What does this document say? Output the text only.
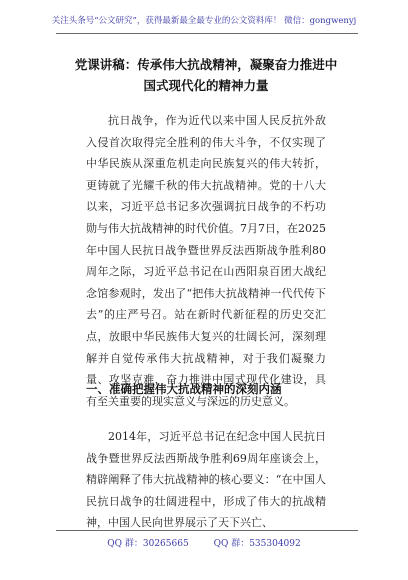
关注头条号“公文研究”，获得最新最全最专业的公文资料库！ 微信：gongwenyj
党课讲稿：传承伟大抗战精神，凝聚奋力推进中国式现代化的精神力量

抗日战争，作为近代以来中国人民反抗外敌入侵首次取得完全胜利的伟大斗争，不仅实现了中华民族从深重危机走向民族复兴的伟大转折，更铸就了光耀千秋的伟大抗战精神。党的十八大以来，习近平总书记多次强调抗日战争的不朽功勋与伟大抗战精神的时代价值。7月7日，在2025年中国人民抗日战争暨世界反法西斯战争胜利80周年之际，习近平总书记在山西阳泉百团大战纪念馆参观时，发出了“把伟大抗战精神一代代传下去”的庄严号召。站在新时代新征程的历史交汇点，放眼中华民族伟大复兴的壮阔长河，深刻理解并自觉传承伟大抗战精神，对于我们凝聚力量、攻坚克难，奋力推进中国式现代化建设，具有至关重要的现实意义与深远的历史意义。

一、准确把握伟大抗战精神的深刻内涵

2014年，习近平总书记在纪念中国人民抗日战争暨世界反法西斯战争胜利69周年座谈会上，精辟阐释了伟大抗战精神的核心要义：“在中国人民抗日战争的壮阔进程中，形成了伟大的抗战精神，中国人民向世界展示了天下兴亡、

QQ 群：30265665	QQ 群：535304092
